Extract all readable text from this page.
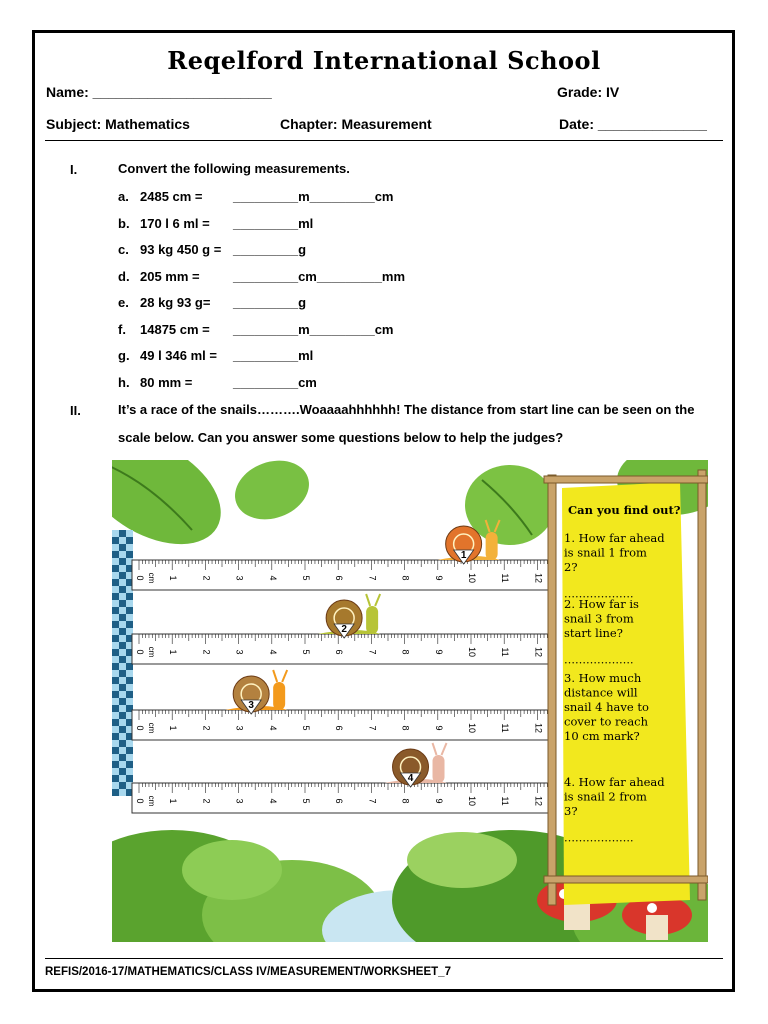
Reqelford International School
Name: _______________________	Grade: IV
Subject: Mathematics	Chapter: Measurement	Date: ______________
I.	Convert the following measurements.
a. 2485 cm = _________m_________cm
b. 170 l 6 ml = _________ml
c. 93 kg 450 g = _________g
d. 205 mm =	_________cm_________mm
e. 28 kg 93 g= _________g
f.	14875 cm = _________m_________cm
g. 49 l 346 ml = _________ml
h. 80 mm =	_________cm
II.	It’s a race of the snails……….Woaaaahhhhhh! The distance from start line can be seen on the
scale below. Can you answer some questions below to help the judges?
0	1	2	3	4	5	6	7	8	9	10	11	12
cm
0	1	2	3	4	5	6	7	8	9	10	11	12
cm
0	1	2	3	4	5	6	7	8	9	10	11	12
cm
0	1	2	3	4	5	6	7	8	9	10	11	12
cm
1
2
3
4
Can you find out?
1. How far ahead
is snail 1 from
2?
……………….
2. How far is
snail 3 from
start line?
……………….
3. How much
distance will
snail 4 have to
cover to reach
10 cm mark?
4. How far ahead
is snail 2 from
3?
……………….
REFIS/2016-17/MATHEMATICS/CLASS IV/MEASUREMENT/WORKSHEET_7
